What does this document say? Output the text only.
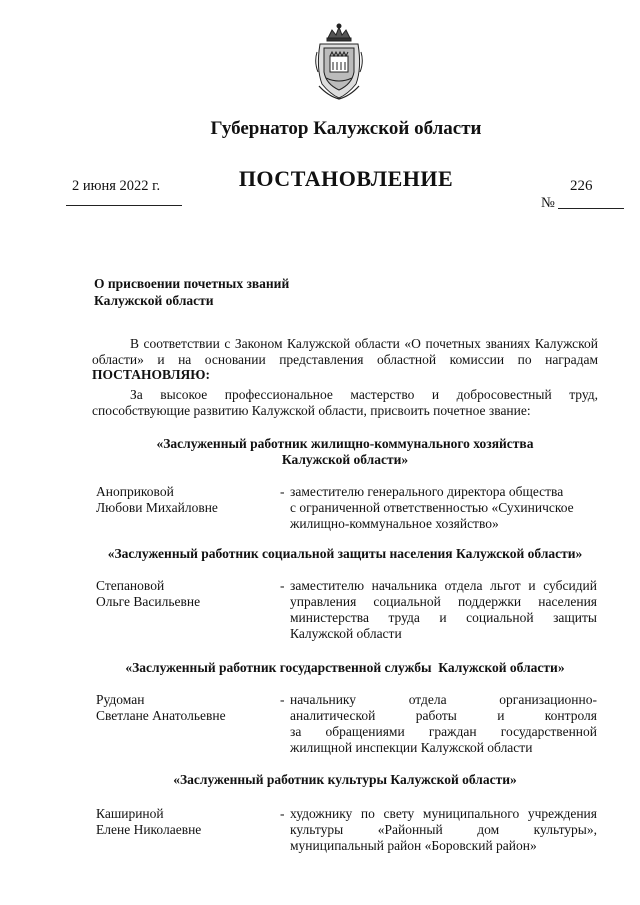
Губернатор Калужской области
ПОСТАНОВЛЕНИЕ
2 июня 2022 г.	226
№
О присвоении почетных званий
Калужской области
В соответствии с Законом Калужской области «О почетных званиях Калужской области» и на основании представления областной комиссии по наградам ПОСТАНОВЛЯЮ:
За высокое профессиональное мастерство и добросовестный труд, способствующие развитию Калужской области, присвоить почетное звание:
«Заслуженный работник жилищно-коммунального хозяйства
Калужской области»
Аноприковой
Любови Михайловне
- заместителю генерального директора общества
с ограниченной ответственностью «Сухиничское
жилищно-коммунальное хозяйство»
«Заслуженный работник социальной защиты населения Калужской области»
Степановой
Ольге Васильевне
- заместителю начальника отдела льгот и субсидий
управления социальной поддержки населения
министерства труда и социальной защиты
Калужской области
«Заслуженный работник государственной службы  Калужской области»
Рудоман
Светлане Анатольевне
- начальнику отдела организационно-
аналитической работы и контроля
за обращениями граждан государственной
жилищной инспекции Калужской области
«Заслуженный работник культуры Калужской области»
Кашириной
Елене Николаевне
- художнику по свету муниципального учреждения
культуры «Районный дом культуры»,
муниципальный район «Боровский район»
